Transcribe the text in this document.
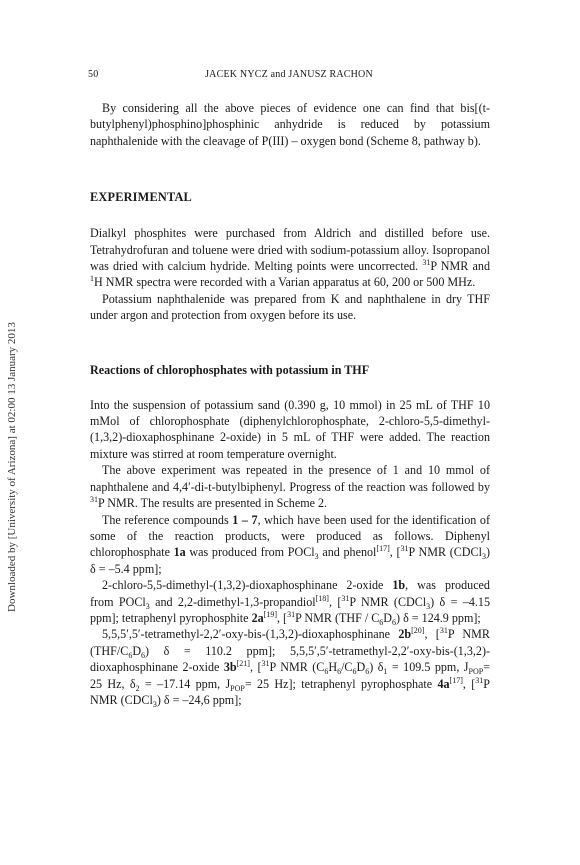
50	JACEK NYCZ and JANUSZ RACHON
Downloaded by [University of Arizona] at 02:00 13 January 2013

By considering all the above pieces of evidence one can find that bis[(t-butylphenyl)phosphino]phosphinic anhydride is reduced by potassium naphthalenide with the cleavage of P(III) – oxygen bond (Scheme 8, pathway b).

EXPERIMENTAL

Dialkyl phosphites were purchased from Aldrich and distilled before use. Tetrahydrofuran and toluene were dried with sodium-potassium alloy. Isopropanol was dried with calcium hydride. Melting points were uncorrected. $^{31}$P NMR and $^1$H NMR spectra were recorded with a Varian apparatus at 60, 200 or 500 MHz.

Potassium naphthalenide was prepared from K and naphthalene in dry THF under argon and protection from oxygen before its use.

Reactions of chlorophosphates with potassium in THF

Into the suspension of potassium sand (0.390 g, 10 mmol) in 25 mL of THF 10 mMol of chlorophosphate (diphenylchlorophosphate, 2-chloro-5,5-dimethyl-(1,3,2)-dioxaphosphinane 2-oxide) in 5 mL of THF were added. The reaction mixture was stirred at room temperature overnight.

The above experiment was repeated in the presence of 1 and 10 mmol of naphthalene and 4,4′-di-t-butylbiphenyl. Progress of the reaction was followed by $^{31}$P NMR. The results are presented in Scheme 2.

The reference compounds 1 – 7, which have been used for the identification of some of the reaction products, were produced as follows. Diphenyl chlorophosphate 1a was produced from POCl$_3$ and phenol[17], [$^{31}$P NMR (CDCl$_3$) δ = –5.4 ppm];

2-chloro-5,5-dimethyl-(1,3,2)-dioxaphosphinane 2-oxide 1b, was produced from POCl$_3$ and 2,2-dimethyl-1,3-propandiol[18], [$^{31}$P NMR (CDCl$_3$) δ = –4.15 ppm]; tetraphenyl pyrophosphite 2a[19], [$^{31}$P NMR $(THF / C_6D_6)$ δ = 124.9 ppm];

5,5,5′,5′-tetramethyl-2,2′-oxy-bis-(1,3,2)-dioxaphosphinane 2b[20], [$^{31}$P NMR $(THF/C_6D_6) \delta = 110.2$ ppm]; 5,5,5′,5′-tetramethyl-2,2′-oxy-bis-(1,3,2)-dioxaphosphinane 2-oxide 3b[21], [$^{31}$P NMR $(C_6H_6/C_6D_6) \delta_1 = 109.5$ ppm, $J_{POP}= 25$ Hz, $\delta_2 = -17.14$ ppm, $J_{POP}= 25$ Hz]; tetraphenyl pyrophosphate 4a[17], [$^{31}$P NMR (CDCl$_3$) δ = –24,6 ppm];
